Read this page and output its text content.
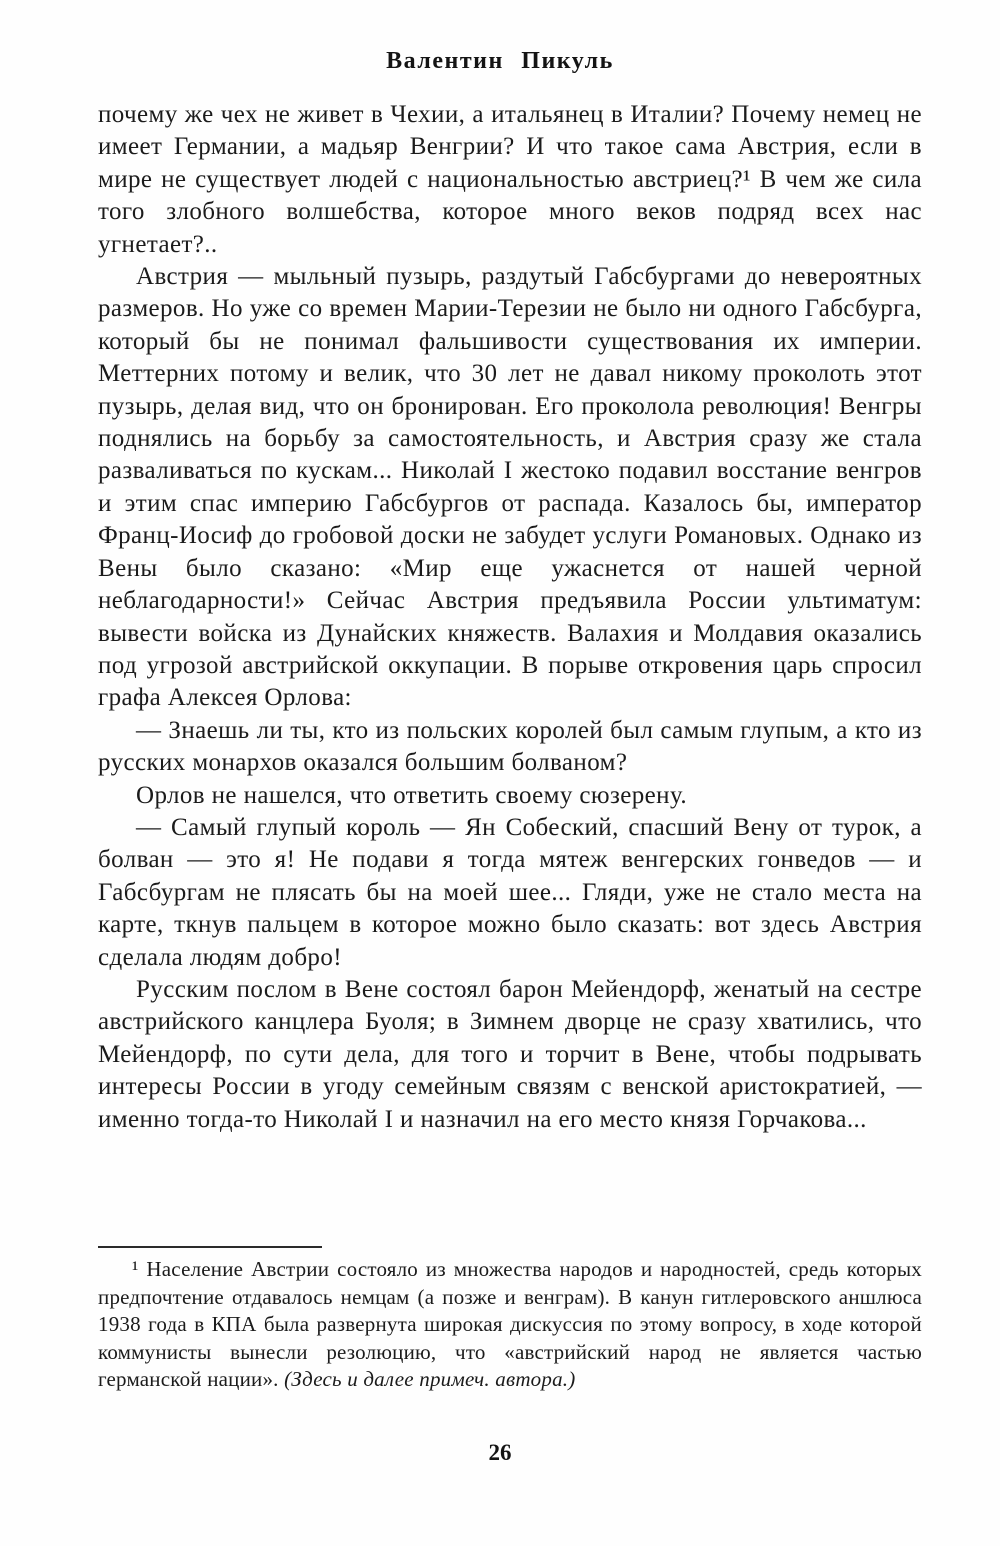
Валентин Пикуль

почему же чех не живет в Чехии, а итальянец в Италии? Почему немец не имеет Германии, а мадьяр Венгрии? И что такое сама Австрия, если в мире не существует людей с национальностью австриец?¹ В чем же сила того злобного волшебства, которое много веков подряд всех нас угнетает?..

Австрия — мыльный пузырь, раздутый Габсбургами до невероятных размеров. Но уже со времен Марии-Терезии не было ни одного Габсбурга, который бы не понимал фальшивости существования их империи. Меттерних потому и велик, что 30 лет не давал никому проколоть этот пузырь, делая вид, что он бронирован. Его проколола революция! Венгры поднялись на борьбу за самостоятельность, и Австрия сразу же стала разваливаться по кускам... Николай I жестоко подавил восстание венгров и этим спас империю Габсбургов от распада. Казалось бы, император Франц-Иосиф до гробовой доски не забудет услуги Романовых. Однако из Вены было сказано: «Мир еще ужаснется от нашей черной неблагодарности!» Сейчас Австрия предъявила России ультиматум: вывести войска из Дунайских княжеств. Валахия и Молдавия оказались под угрозой австрийской оккупации. В порыве откровения царь спросил графа Алексея Орлова:

— Знаешь ли ты, кто из польских королей был самым глупым, а кто из русских монархов оказался большим болваном?

Орлов не нашелся, что ответить своему сюзерену.

— Самый глупый король — Ян Собеский, спасший Вену от турок, а болван — это я! Не подави я тогда мятеж венгерских гонведов — и Габсбургам не плясать бы на моей шее... Гляди, уже не стало места на карте, ткнув пальцем в которое можно было сказать: вот здесь Австрия сделала людям добро!

Русским послом в Вене состоял барон Мейендорф, женатый на сестре австрийского канцлера Буоля; в Зимнем дворце не сразу хватились, что Мейендорф, по сути дела, для того и торчит в Вене, чтобы подрывать интересы России в угоду семейным связям с венской аристократией, — именно тогда-то Николай I и назначил на его место князя Горчакова...

¹ Население Австрии состояло из множества народов и народностей, средь которых предпочтение отдавалось немцам (а позже и венграм). В канун гитлеровского аншлюса 1938 года в КПА была развернута широкая дискуссия по этому вопросу, в ходе которой коммунисты вынесли резолюцию, что «австрийский народ не является частью германской нации». (Здесь и далее примеч. автора.)

26
